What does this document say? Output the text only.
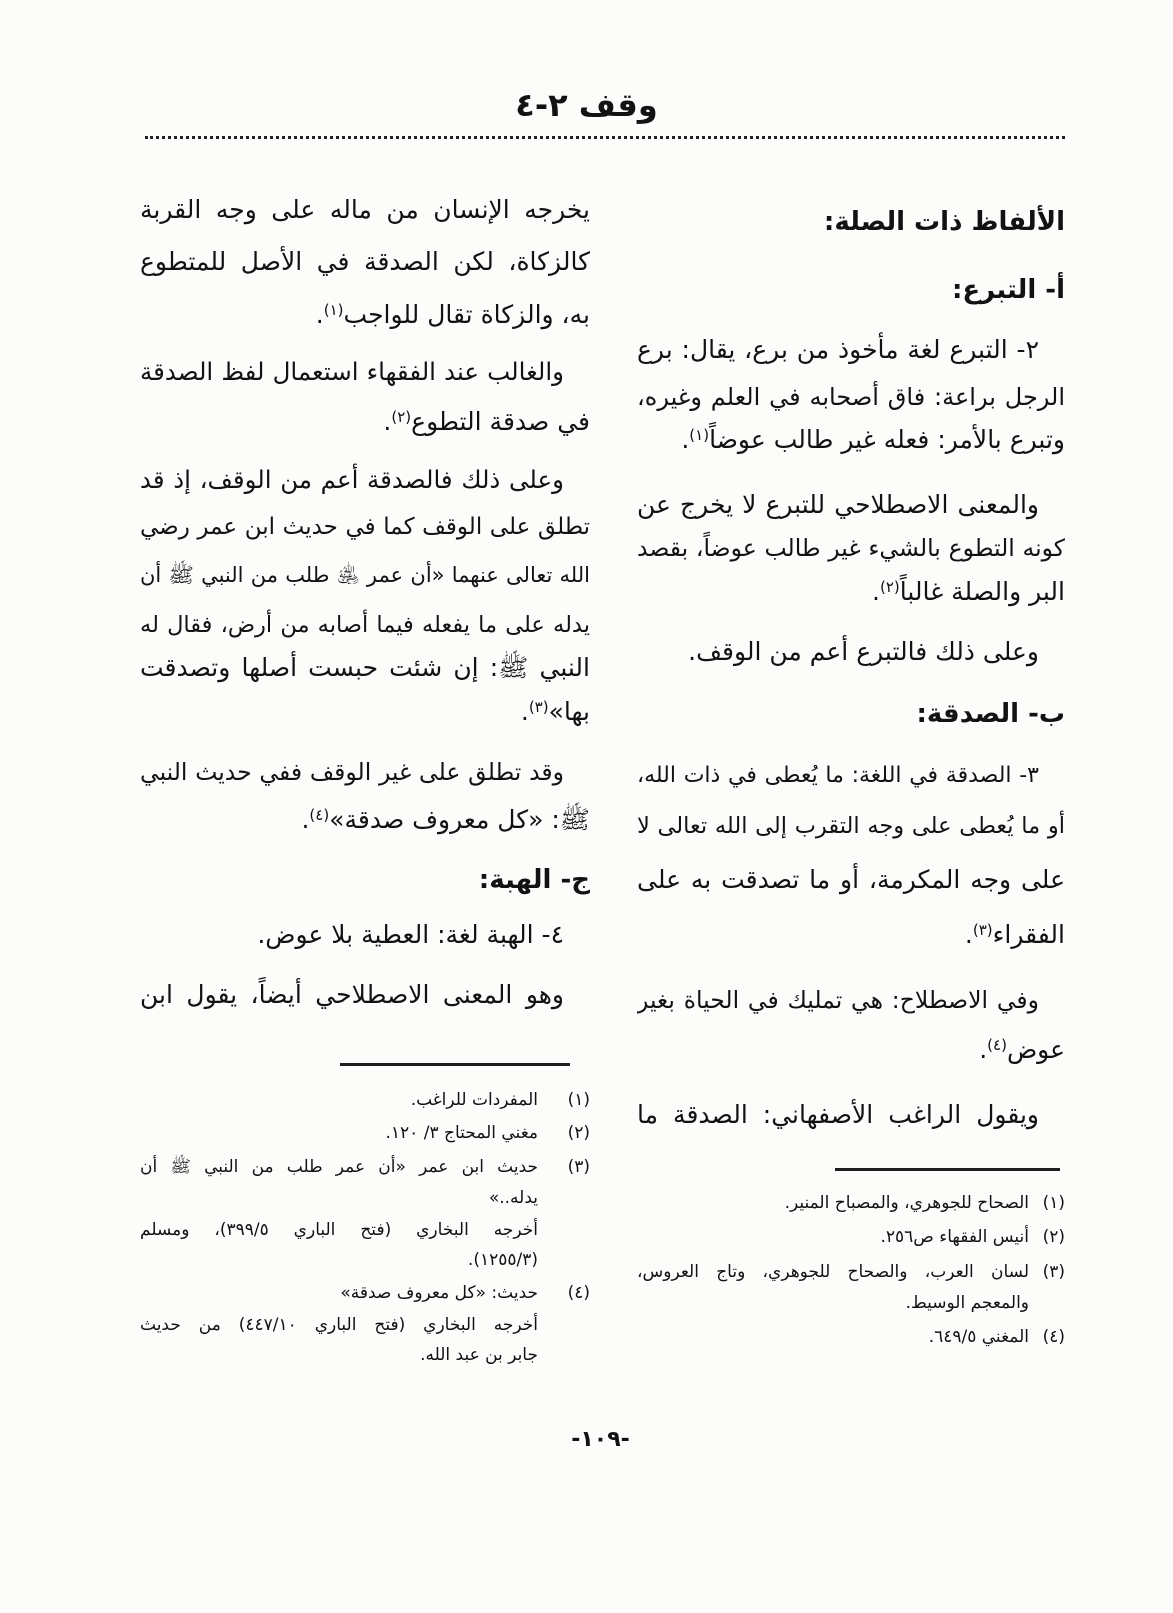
وقف ٢-٤
الألفاظ ذات الصلة:
أ- التبرع:
٢- التبرع لغة مأخوذ من برع، يقال: برع
الرجل براعة: فاق أصحابه في العلم وغيره،
وتبرع بالأمر: فعله غير طالب عوضاً$^{(١)}$.
والمعنى الاصطلاحي للتبرع لا يخرج عن
كونه التطوع بالشيء غير طالب عوضاً، بقصد
البر والصلة غالباً$^{(٢)}$.
وعلى ذلك فالتبرع أعم من الوقف.
ب- الصدقة:
٣- الصدقة في اللغة: ما يُعطى في ذات الله،
أو ما يُعطى على وجه التقرب إلى الله تعالى لا
على وجه المكرمة، أو ما تصدقت به على
الفقراء$^{(٣)}$.
وفي الاصطلاح: هي تمليك في الحياة بغير
عوض$^{(٤)}$.
ويقول الراغب الأصفهاني: الصدقة ما
(١)
الصحاح للجوهري، والمصباح المنير.
(٢)
أنيس الفقهاء ص٢٥٦.
(٣)
لسان العرب، والصحاح للجوهري، وتاج العروس،
والمعجم الوسيط.
(٤)
المغني ٦٤٩/٥.
يخرجه الإنسان من ماله على وجه القربة
كالزكاة، لكن الصدقة في الأصل للمتطوع
به، والزكاة تقال للواجب$^{(١)}$.
والغالب عند الفقهاء استعمال لفظ الصدقة
في صدقة التطوع$^{(٢)}$.
وعلى ذلك فالصدقة أعم من الوقف، إذ قد
تطلق على الوقف كما في حديث ابن عمر رضي
الله تعالى عنهما «أن عمر ﵁ طلب من النبي ﷺ أن
يدله على ما يفعله فيما أصابه من أرض، فقال له
النبي ﷺ: إن شئت حبست أصلها وتصدقت
بها»$^{(٣)}$.
وقد تطلق على غير الوقف ففي حديث النبي
ﷺ: «كل معروف صدقة»$^{(٤)}$.
ج- الهبة:
٤- الهبة لغة: العطية بلا عوض.
وهو المعنى الاصطلاحي أيضاً، يقول ابن
(١)
المفردات للراغب.
(٢)
مغني المحتاج ٣/ ١٢٠.
(٣)
حديث ابن عمر «أن عمر طلب من النبي ﷺ أن
يدله..»
أخرجه البخاري (فتح الباري ٣٩٩/٥)، ومسلم
(١٢٥٥/٣).
(٤)
حديث: «كل معروف صدقة»
أخرجه البخاري (فتح الباري ٤٤٧/١٠) من حديث
جابر بن عبد الله.
-١٠٩-
